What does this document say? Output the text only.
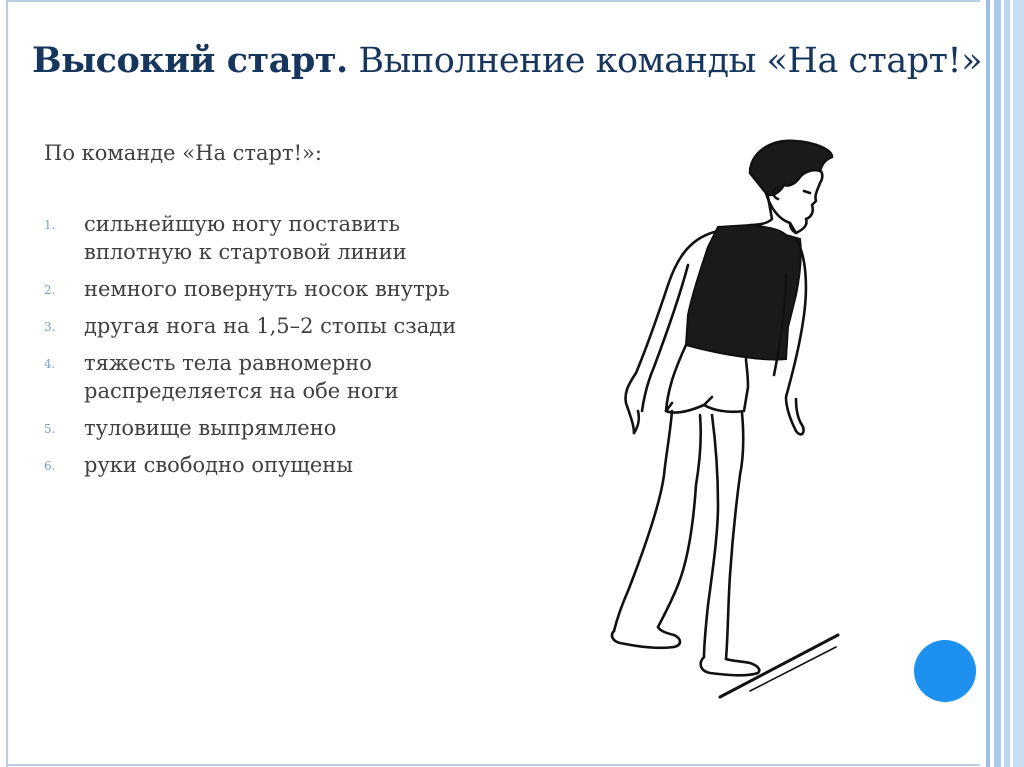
Высокий старт. Выполнение команды «На старт!»
По команде «На старт!»:
1.	сильнейшую ногу поставить
вплотную к стартовой линии
2.	немного повернуть носок внутрь
3.	другая нога на 1,5–2 стопы сзади
4.	тяжесть тела равномерно
распределяется на обе ноги
5.	туловище выпрямлено
6.	руки свободно опущены
